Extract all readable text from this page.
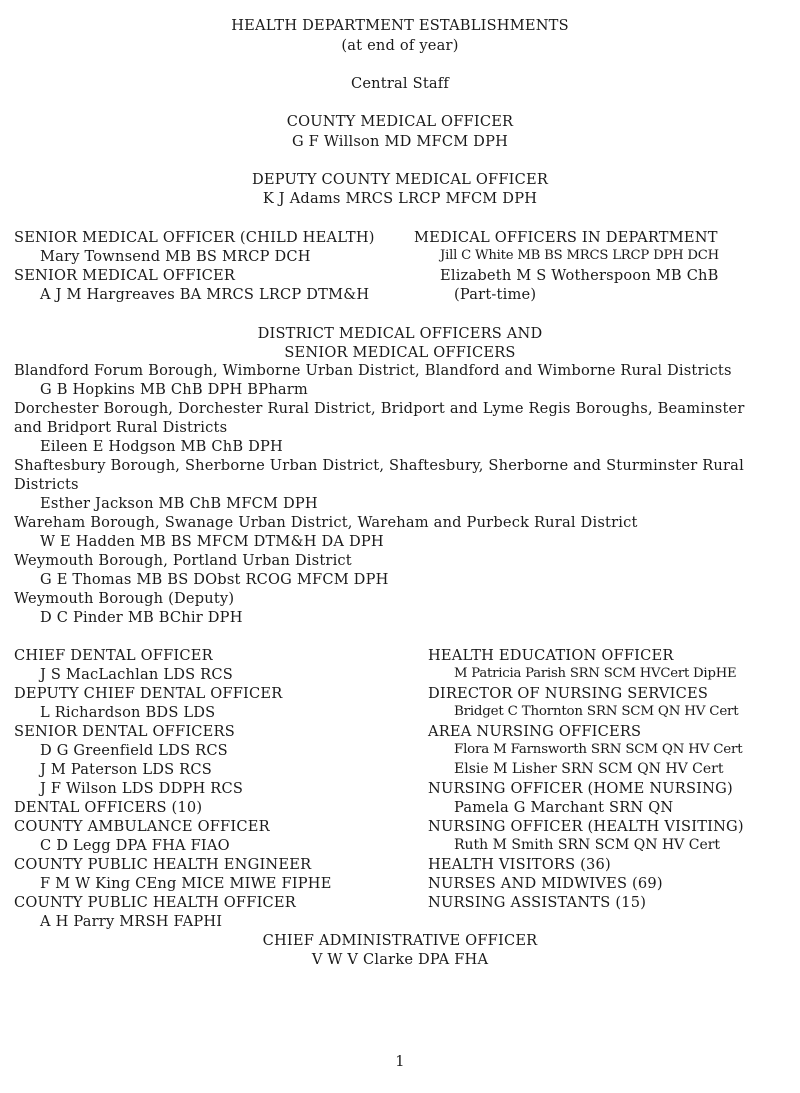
HEALTH DEPARTMENT ESTABLISHMENTS
(at end of year)
Central Staff
COUNTY MEDICAL OFFICER
G F Willson MD MFCM DPH
DEPUTY COUNTY MEDICAL OFFICER
K J Adams MRCS LRCP MFCM DPH
SENIOR MEDICAL OFFICER (CHILD HEALTH)
Mary Townsend MB BS MRCP DCH
SENIOR MEDICAL OFFICER
A J M Hargreaves BA MRCS LRCP DTM&H
MEDICAL OFFICERS IN DEPARTMENT
Jill C White MB BS MRCS LRCP DPH DCH
Elizabeth M S Wotherspoon MB ChB
(Part-time)
DISTRICT MEDICAL OFFICERS AND
SENIOR MEDICAL OFFICERS
Blandford Forum Borough, Wimborne Urban District, Blandford and Wimborne Rural Districts
G B Hopkins MB ChB DPH BPharm
Dorchester Borough, Dorchester Rural District, Bridport and Lyme Regis Boroughs, Beaminster
and Bridport Rural Districts
Eileen E Hodgson MB ChB DPH
Shaftesbury Borough, Sherborne Urban District, Shaftesbury, Sherborne and Sturminster Rural
Districts
Esther Jackson MB ChB MFCM DPH
Wareham Borough, Swanage Urban District, Wareham and Purbeck Rural District
W E Hadden MB BS MFCM DTM&H DA DPH
Weymouth Borough, Portland Urban District
G E Thomas MB BS DObst RCOG MFCM DPH
Weymouth Borough (Deputy)
D C Pinder MB BChir DPH
CHIEF DENTAL OFFICER
J S MacLachlan LDS RCS
DEPUTY CHIEF DENTAL OFFICER
L Richardson BDS LDS
SENIOR DENTAL OFFICERS
D G Greenfield LDS RCS
J M Paterson LDS RCS
J F Wilson LDS DDPH RCS
DENTAL OFFICERS (10)
COUNTY AMBULANCE OFFICER
C D Legg DPA FHA FIAO
COUNTY PUBLIC HEALTH ENGINEER
F M W King CEng MICE MIWE FIPHE
COUNTY PUBLIC HEALTH OFFICER
A H Parry MRSH FAPHI
HEALTH EDUCATION OFFICER
M Patricia Parish SRN SCM HVCert DipHE
DIRECTOR OF NURSING SERVICES
Bridget C Thornton SRN SCM QN HV Cert
AREA NURSING OFFICERS
Flora M Farnsworth SRN SCM QN HV Cert
Elsie M Lisher SRN SCM QN HV Cert
NURSING OFFICER (HOME NURSING)
Pamela G Marchant SRN QN
NURSING OFFICER (HEALTH VISITING)
Ruth M Smith SRN SCM QN HV Cert
HEALTH VISITORS (36)
NURSES AND MIDWIVES (69)
NURSING ASSISTANTS (15)
CHIEF ADMINISTRATIVE OFFICER
V W V Clarke DPA FHA
1
